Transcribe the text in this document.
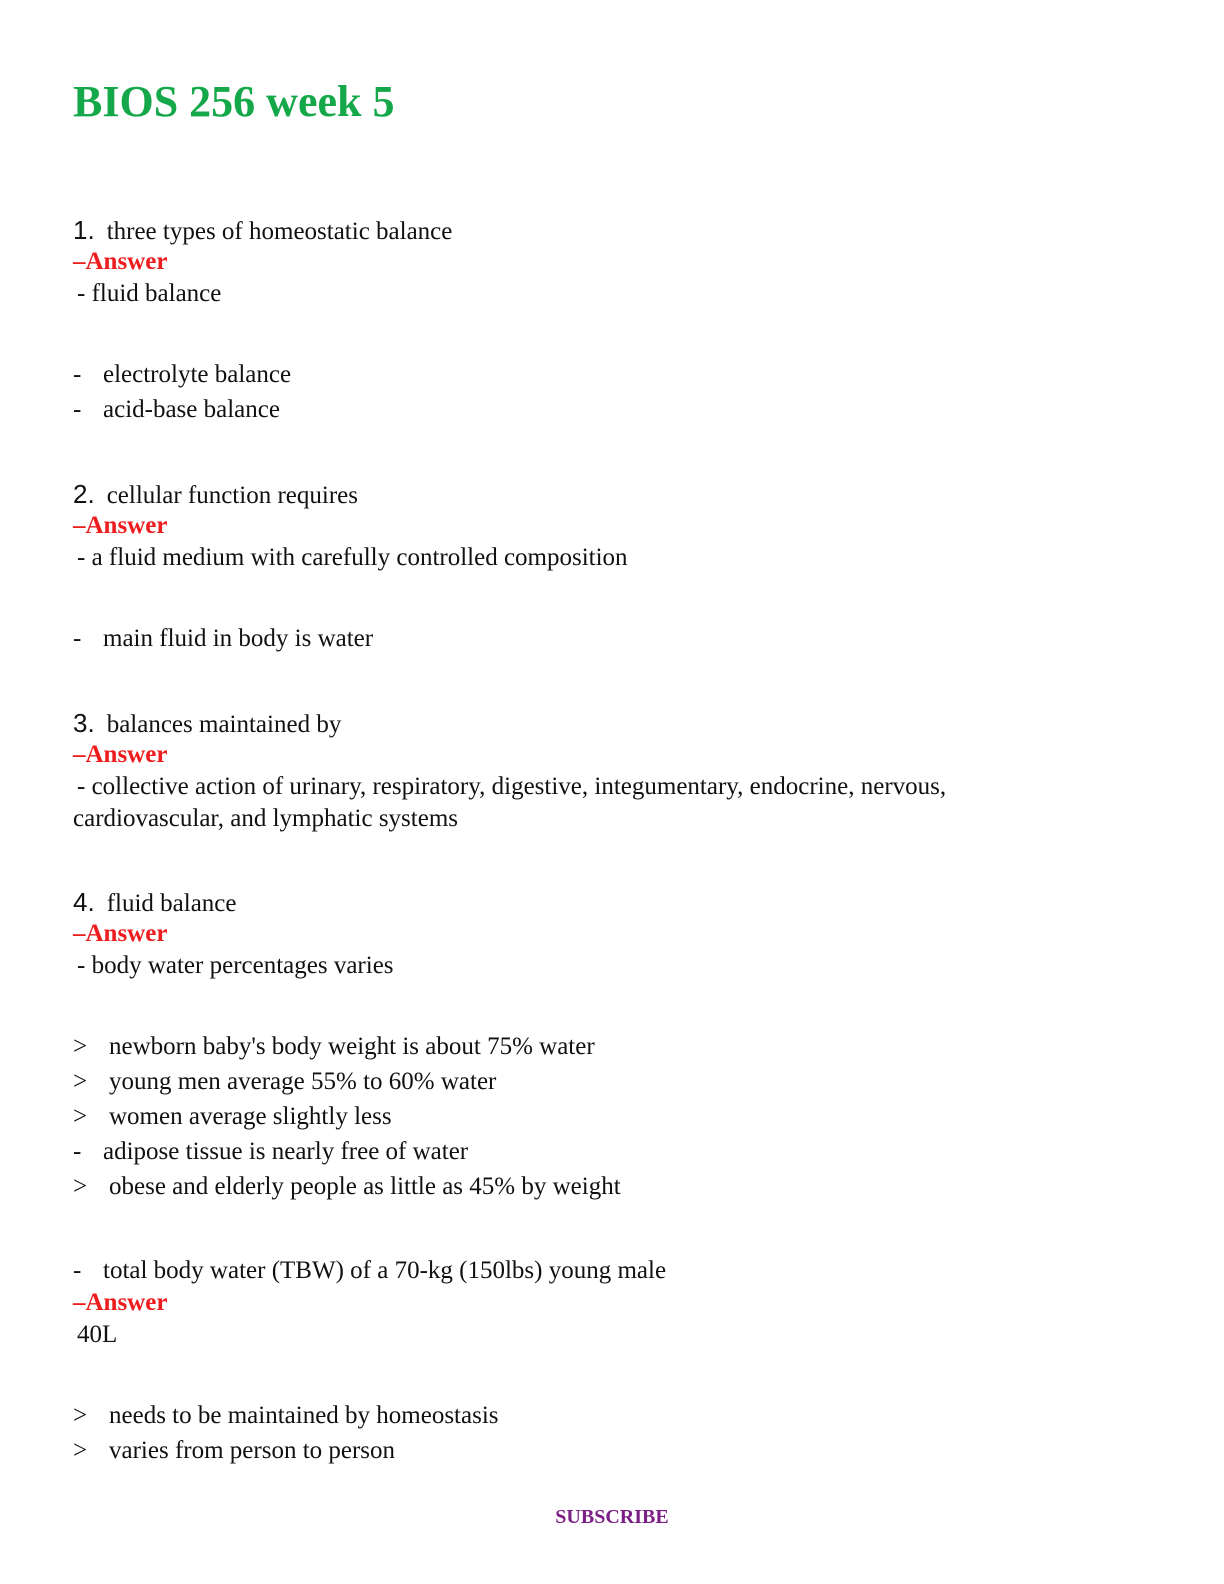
BIOS 256 week 5
1. three types of homeostatic balance
–Answer
- fluid balance
- electrolyte balance
- acid-base balance
2. cellular function requires
–Answer
- a fluid medium with carefully controlled composition
- main fluid in body is water
3. balances maintained by
–Answer
- collective action of urinary, respiratory, digestive, integumentary, endocrine, nervous, cardiovascular, and lymphatic systems
4. fluid balance
–Answer
- body water percentages varies
> newborn baby's body weight is about 75% water
> young men average 55% to 60% water
> women average slightly less
- adipose tissue is nearly free of water
> obese and elderly people as little as 45% by weight
- total body water (TBW) of a 70-kg (150lbs) young male
–Answer
40L
> needs to be maintained by homeostasis
> varies from person to person
SUBSCRIBE
